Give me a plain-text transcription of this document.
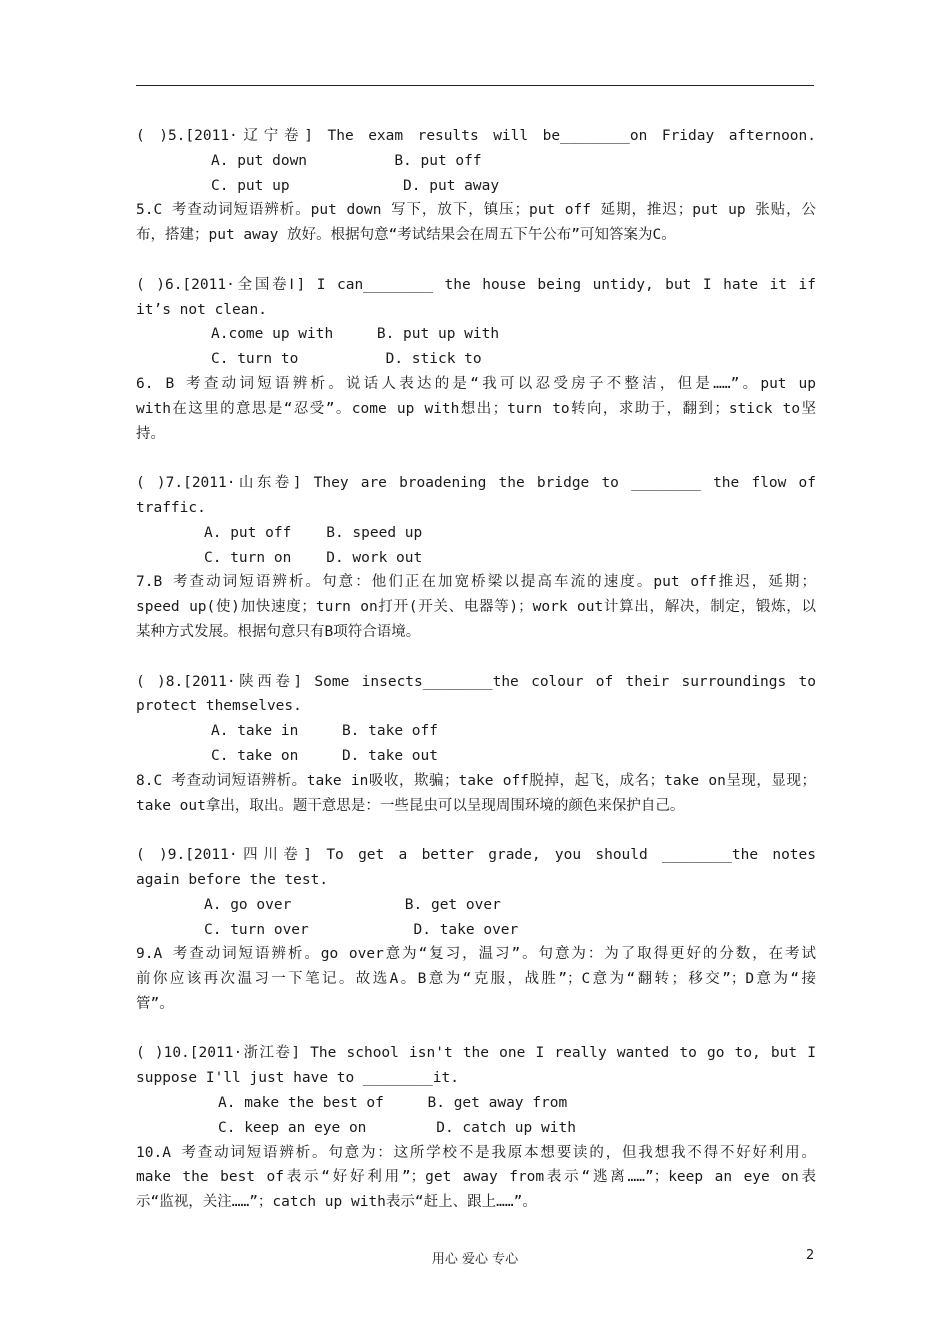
( )5.[2011·辽宁卷] The exam results will be________on Friday afternoon.
A. put down          B. put off
C. put up             D. put away
5.C 考查动词短语辨析。put down 写下，放下，镇压；put off 延期，推迟；put up 张贴，公
布，搭建；put away 放好。根据句意“考试结果会在周五下午公布”可知答案为C。
( )6.[2011·全国卷Ⅰ] I can________ the house being untidy, but I hate it if
it’s not clean.
A.come up with     B. put up with
C. turn to          D. stick to
6. B 考查动词短语辨析。说话人表达的是“我可以忍受房子不整洁，但是……”。put up
with在这里的意思是“忍受”。come up with想出；turn to转向，求助于，翻到；stick to坚
持。
( )7.[2011·山东卷] They are broadening the bridge to ________ the flow of
traffic.
A. put off    B. speed up
C. turn on    D. work out
7.B 考查动词短语辨析。句意：他们正在加宽桥梁以提高车流的速度。put off推迟，延期；
speed up(使)加快速度；turn on打开(开关、电器等)；work out计算出，解决，制定，锻炼，以
某种方式发展。根据句意只有B项符合语境。
( )8.[2011·陕西卷] Some insects________the colour of their surroundings to
protect themselves.
A. take in     B. take off
C. take on     D. take out
8.C 考查动词短语辨析。take in吸收，欺骗；take off脱掉，起飞，成名；take on呈现，显现；
take out拿出，取出。题干意思是：一些昆虫可以呈现周围环境的颜色来保护自己。
( )9.[2011·四川卷] To get a better grade, you should ________the notes
again before the test.
A. go over             B. get over
C. turn over            D. take over
9.A 考查动词短语辨析。go over意为“复习，温习”。句意为：为了取得更好的分数，在考试
前你应该再次温习一下笔记。故选A。B意为“克服，战胜”；C意为“翻转；移交”；D意为“接
管”。
( )10.[2011·浙江卷] The school isn't the one I really wanted to go to, but I
suppose I'll just have to ________it.
A. make the best of     B. get away from
C. keep an eye on        D. catch up with
10.A 考查动词短语辨析。句意为：这所学校不是我原本想要读的，但我想我不得不好好利用。
make the best of表示“好好利用”；get away from表示“逃离……”；keep an eye on表
示“监视，关注……”；catch up with表示“赶上、跟上……”。
用心 爱心 专心	2
